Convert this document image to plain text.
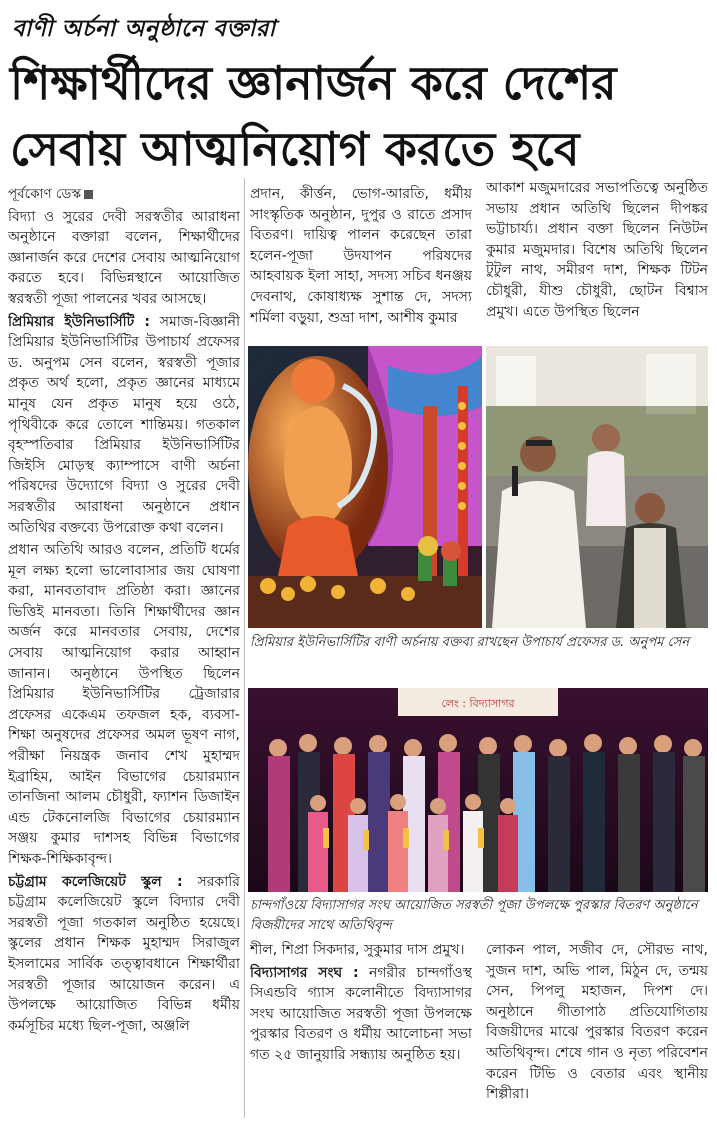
বাণী অর্চনা অনুষ্ঠানে বক্তারা
শিক্ষার্থীদের জ্ঞানার্জন করে দেশের সেবায় আত্মনিয়োগ করতে হবে

পূর্বকোণ ডেস্ক

বিদ্যা ও সুরের দেবী সরস্বতীর আরাধনা অনুষ্ঠানে বক্তারা বলেন, শিক্ষার্থীদের জ্ঞানার্জন করে দেশের সেবায় আত্মনিয়োগ করতে হবে। বিভিন্নস্থানে আয়োজিত স্বরস্বতী পূজা পালনের খবর আসছে।

প্রিমিয়ার ইউনিভার্সিটি : সমাজ-বিজ্ঞানী প্রিমিয়ার ইউনিভার্সিটির উপাচার্য প্রফেসর ড. অনুপম সেন বলেন, স্বরস্বতী পূজার প্রকৃত অর্থ হলো, প্রকৃত জ্ঞানের মাধ্যমে মানুষ যেন প্রকৃত মানুষ হয়ে ওঠে, পৃথিবীকে করে তোলে শান্তিময়। গতকাল বৃহস্পতিবার প্রিমিয়ার ইউনিভার্সিটির জিইসি মোড়স্থ ক্যাম্পাসে বাণী অর্চনা পরিষদের উদ্যোগে বিদ্যা ও সুরের দেবী সরস্বতীর আরাধনা অনুষ্ঠানে প্রধান অতিথির বক্তব্যে উপরোক্ত কথা বলেন।

প্রধান অতিথি আরও বলেন, প্রতিটি ধর্মের মূল লক্ষ্য হলো ভালোবাসার জয় ঘোষণা করা, মানবতাবাদ প্রতিষ্ঠা করা। জ্ঞানের ভিত্তিই মানবতা। তিনি শিক্ষার্থীদের জ্ঞান অর্জন করে মানবতার সেবায়, দেশের সেবায় আত্মনিয়োগ করার আহ্বান জানান। অনুষ্ঠানে উপস্থিত ছিলেন প্রিমিয়ার ইউনিভার্সিটির ট্রেজারার প্রফেসর একেএম তফজল হক, ব্যবসা-শিক্ষা অনুষদের প্রফেসর অমল ভূষণ নাগ, পরীক্ষা নিয়ন্ত্রক জনাব শেখ মুহাম্মদ ইব্রাহিম, আইন বিভাগের চেয়ারম্যান তানজিনা আলম চৌধুরী, ফ্যাশন ডিজাইন এন্ড টেকনোলজি বিভাগের চেয়ারম্যান সঞ্জয় কুমার দাশসহ বিভিন্ন বিভাগের শিক্ষক-শিক্ষিকাবৃন্দ।

চট্টগ্রাম কলেজিয়েট স্কুল : সরকারি চট্টগ্রাম কলেজিয়েট স্কুলে বিদ্যার দেবী সরস্বতী পূজা গতকাল অনুষ্ঠিত হয়েছে। স্কুলের প্রধান শিক্ষক মুহাম্মদ সিরাজুল ইসলামের সার্বিক তত্ত্বাবধানে শিক্ষার্থীরা সরস্বতী পূজার আয়োজন করেন। এ উপলক্ষে আয়োজিত বিভিন্ন ধর্মীয় কর্মসূচির মধ্যে ছিল-পূজা, অঞ্জলি

প্রদান, কীর্ত্তন, ভোগ-আরতি, ধর্মীয় সাংস্কৃতিক অনুষ্ঠান, দুপুর ও রাতে প্রসাদ বিতরণ। দায়িত্ব পালন করেছেন তারা হলেন-পূজা উদযাপন পরিষদের আহবায়ক ইলা সাহা, সদস্য সচিব ধনঞ্জয় দেবনাথ, কোষাধ্যক্ষ সুশান্ত দে, সদস্য শর্মিলা বড়ুয়া, শুভ্রা দাশ, আশীষ কুমার

আকাশ মজুমদারের সভাপতিত্বে অনুষ্ঠিত সভায় প্রধান অতিথি ছিলেন দীপঙ্কর ভট্টাচার্য্য। প্রধান বক্তা ছিলেন নিউটন কুমার মজুমদার। বিশেষ অতিথি ছিলেন টুটুল নাথ, সমীরণ দাশ, শিক্ষক টিটন চৌধুরী, যীশু চৌধুরী, ছোটন বিশ্বাস প্রমুখ। এতে উপস্থিত ছিলেন

প্রিমিয়ার ইউনিভার্সিটির বাণী অর্চনায় বক্তব্য রাখছেন উপাচার্য প্রফেসর ড. অনুপম সেন
লেং : বিদ্যাসাগর
চান্দগাঁওয়ে বিদ্যাসাগর সংঘ আয়োজিত সরস্বতী পূজা উপলক্ষে পুরস্কার বিতরণ অনুষ্ঠানে বিজয়ীদের সাথে অতিথিবৃন্দ

শীল, শিপ্রা সিকদার, সুকুমার দাস প্রমুখ।

বিদ্যাসাগর সংঘ : নগরীর চান্দগাঁওস্থ সিএন্ডবি গ্যাস কলোনীতে বিদ্যাসাগর সংঘ আয়োজিত সরস্বতী পূজা উপলক্ষে পুরস্কার বিতরণ ও ধর্মীয় আলোচনা সভা গত ২৫ জানুয়ারি সন্ধ্যায় অনুষ্ঠিত হয়।

লোকন পাল, সজীব দে, সৌরভ নাথ, সুজন দাশ, অভি পাল, মিঠুন দে, তন্ময় সেন, পিপলু মহাজন, দিপশ দে। অনুষ্ঠানে গীতাপাঠ প্রতিযোগিতায় বিজয়ীদের মাঝে পুরস্কার বিতরণ করেন অতিথিবৃন্দ। শেষে গান ও নৃত্য পরিবেশন করেন টিভি ও বেতার এবং স্থানীয় শিল্পীরা।
